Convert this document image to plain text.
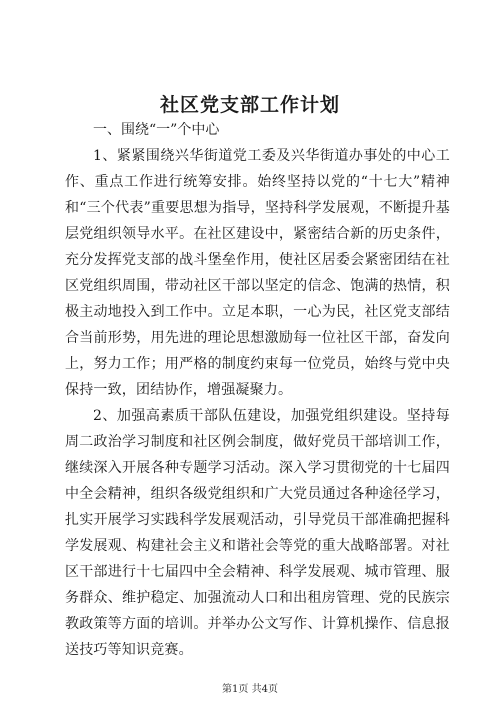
社区党支部工作计划

一、围绕“一”个中心

1、紧紧围绕兴华街道党工委及兴华街道办事处的中心工作、重点工作进行统筹安排。始终坚持以党的“十七大”精神和“三个代表”重要思想为指导，坚持科学发展观，不断提升基层党组织领导水平。在社区建设中，紧密结合新的历史条件，充分发挥党支部的战斗堡垒作用，使社区居委会紧密团结在社区党组织周围，带动社区干部以坚定的信念、饱满的热情，积极主动地投入到工作中。立足本职，一心为民，社区党支部结合当前形势，用先进的理论思想激励每一位社区干部，奋发向上，努力工作；用严格的制度约束每一位党员，始终与党中央保持一致，团结协作，增强凝聚力。

2、加强高素质干部队伍建设，加强党组织建设。坚持每周二政治学习制度和社区例会制度，做好党员干部培训工作，继续深入开展各种专题学习活动。深入学习贯彻党的十七届四中全会精神，组织各级党组织和广大党员通过各种途径学习，扎实开展学习实践科学发展观活动，引导党员干部准确把握科学发展观、构建社会主义和谐社会等党的重大战略部署。对社区干部进行十七届四中全会精神、科学发展观、城市管理、服务群众、维护稳定、加强流动人口和出租房管理、党的民族宗教政策等方面的培训。并举办公文写作、计算机操作、信息报送技巧等知识竞赛。

第1页 共4页
